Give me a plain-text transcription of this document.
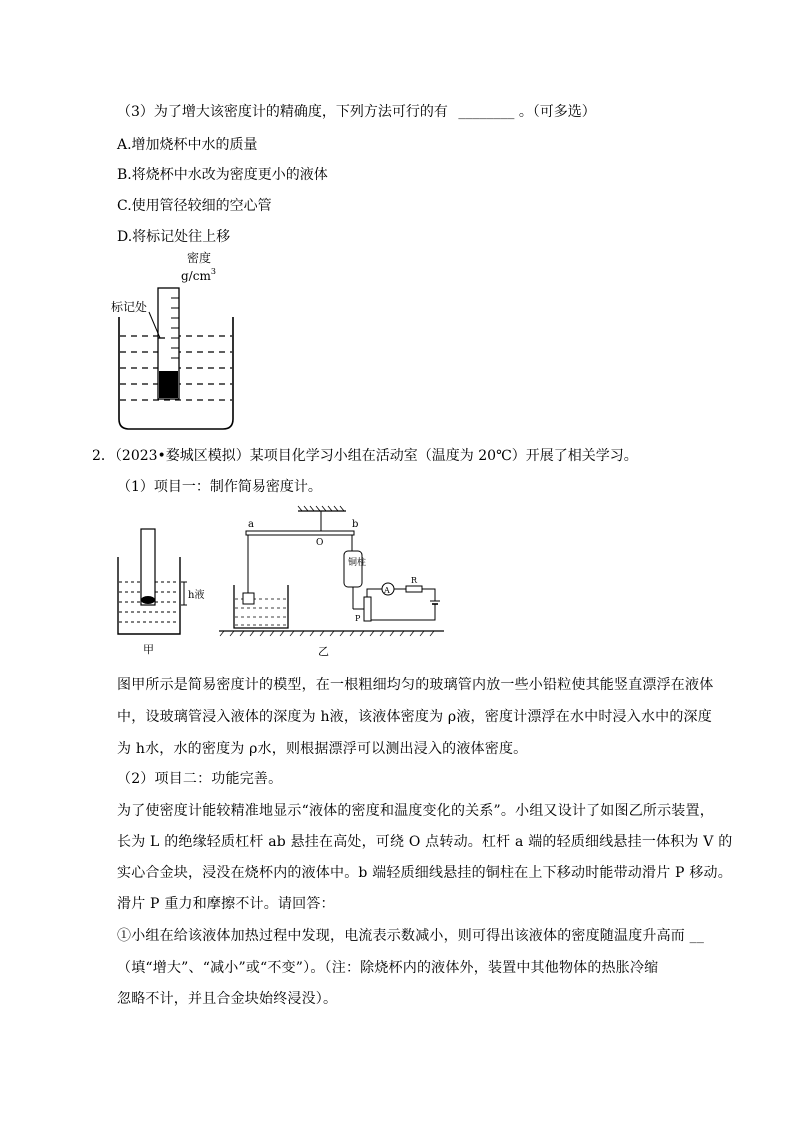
（3）为了增大该密度计的精确度，下列方法可行的有 ________ 。（可多选）
A.增加烧杯中水的质量
B.将烧杯中水改为密度更小的液体
C.使用管径较细的空心管
D.将标记处往上移
密度
$g/cm^3$
标记处
2．（2023•婺城区模拟）某项目化学习小组在活动室（温度为 20℃）开展了相关学习。
（1）项目一：制作简易密度计。
h液
甲
a	b
O
铜柱
P
A
R
乙
图甲所示是简易密度计的模型，在一根粗细均匀的玻璃管内放一些小铅粒使其能竖直漂浮在液体
中，设玻璃管浸入液体的深度为 h液，该液体密度为 ρ液，密度计漂浮在水中时浸入水中的深度
为 h水，水的密度为 ρ水，则根据漂浮可以测出浸入的液体密度。
（2）项目二：功能完善。
为了使密度计能较精准地显示“液体的密度和温度变化的关系”。小组又设计了如图乙所示装置，
长为 L 的绝缘轻质杠杆 ab 悬挂在高处，可绕 O 点转动。杠杆 a 端的轻质细线悬挂一体积为 V 的
实心合金块，浸没在烧杯内的液体中。b 端轻质细线悬挂的铜柱在上下移动时能带动滑片 P 移动。
滑片 P 重力和摩擦不计。请回答：
①小组在给该液体加热过程中发现，电流表示数减小，则可得出该液体的密度随温度升高而 __
（填“增大”、“减小”或“不变”）。（注：除烧杯内的液体外，装置中其他物体的热胀冷缩
忽略不计，并且合金块始终浸没）。
